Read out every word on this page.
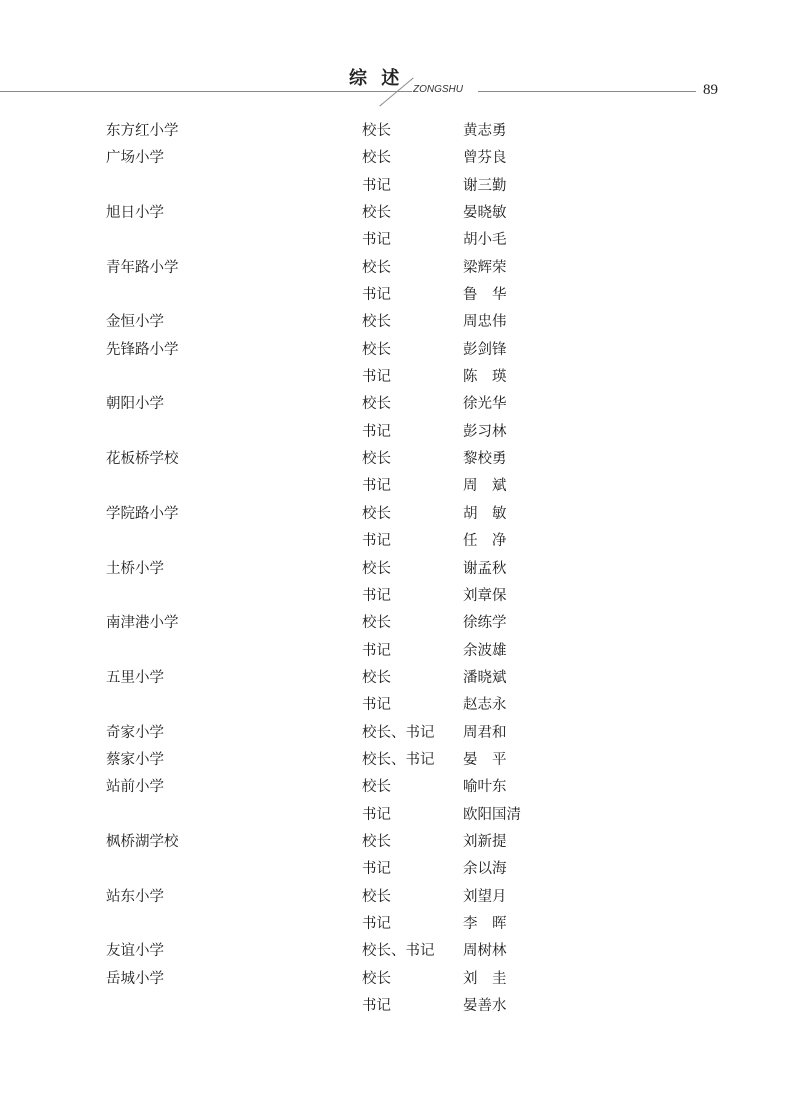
综 述
ZONGSHU	89
东方红小学	校长	黄志勇
广场小学	校长	曾芬良
书记	谢三勤
旭日小学	校长	晏晓敏
书记	胡小毛
青年路小学	校长	梁辉荣
书记	鲁　华
金恒小学	校长	周忠伟
先锋路小学	校长	彭剑锋
书记	陈　瑛
朝阳小学	校长	徐光华
书记	彭习林
花板桥学校	校长	黎校勇
书记	周　斌
学院路小学	校长	胡　敏
书记	任　净
土桥小学	校长	谢孟秋
书记	刘章保
南津港小学	校长	徐练学
书记	余波雄
五里小学	校长	潘晓斌
书记	赵志永
奇家小学	校长、书记 周君和
蔡家小学	校长、书记 晏　平
站前小学	校长	喻叶东
书记	欧阳国清
枫桥湖学校	校长	刘新提
书记	余以海
站东小学	校长	刘望月
书记	李　晖
友谊小学	校长、书记 周树林
岳城小学	校长	刘　圭
书记	晏善水
